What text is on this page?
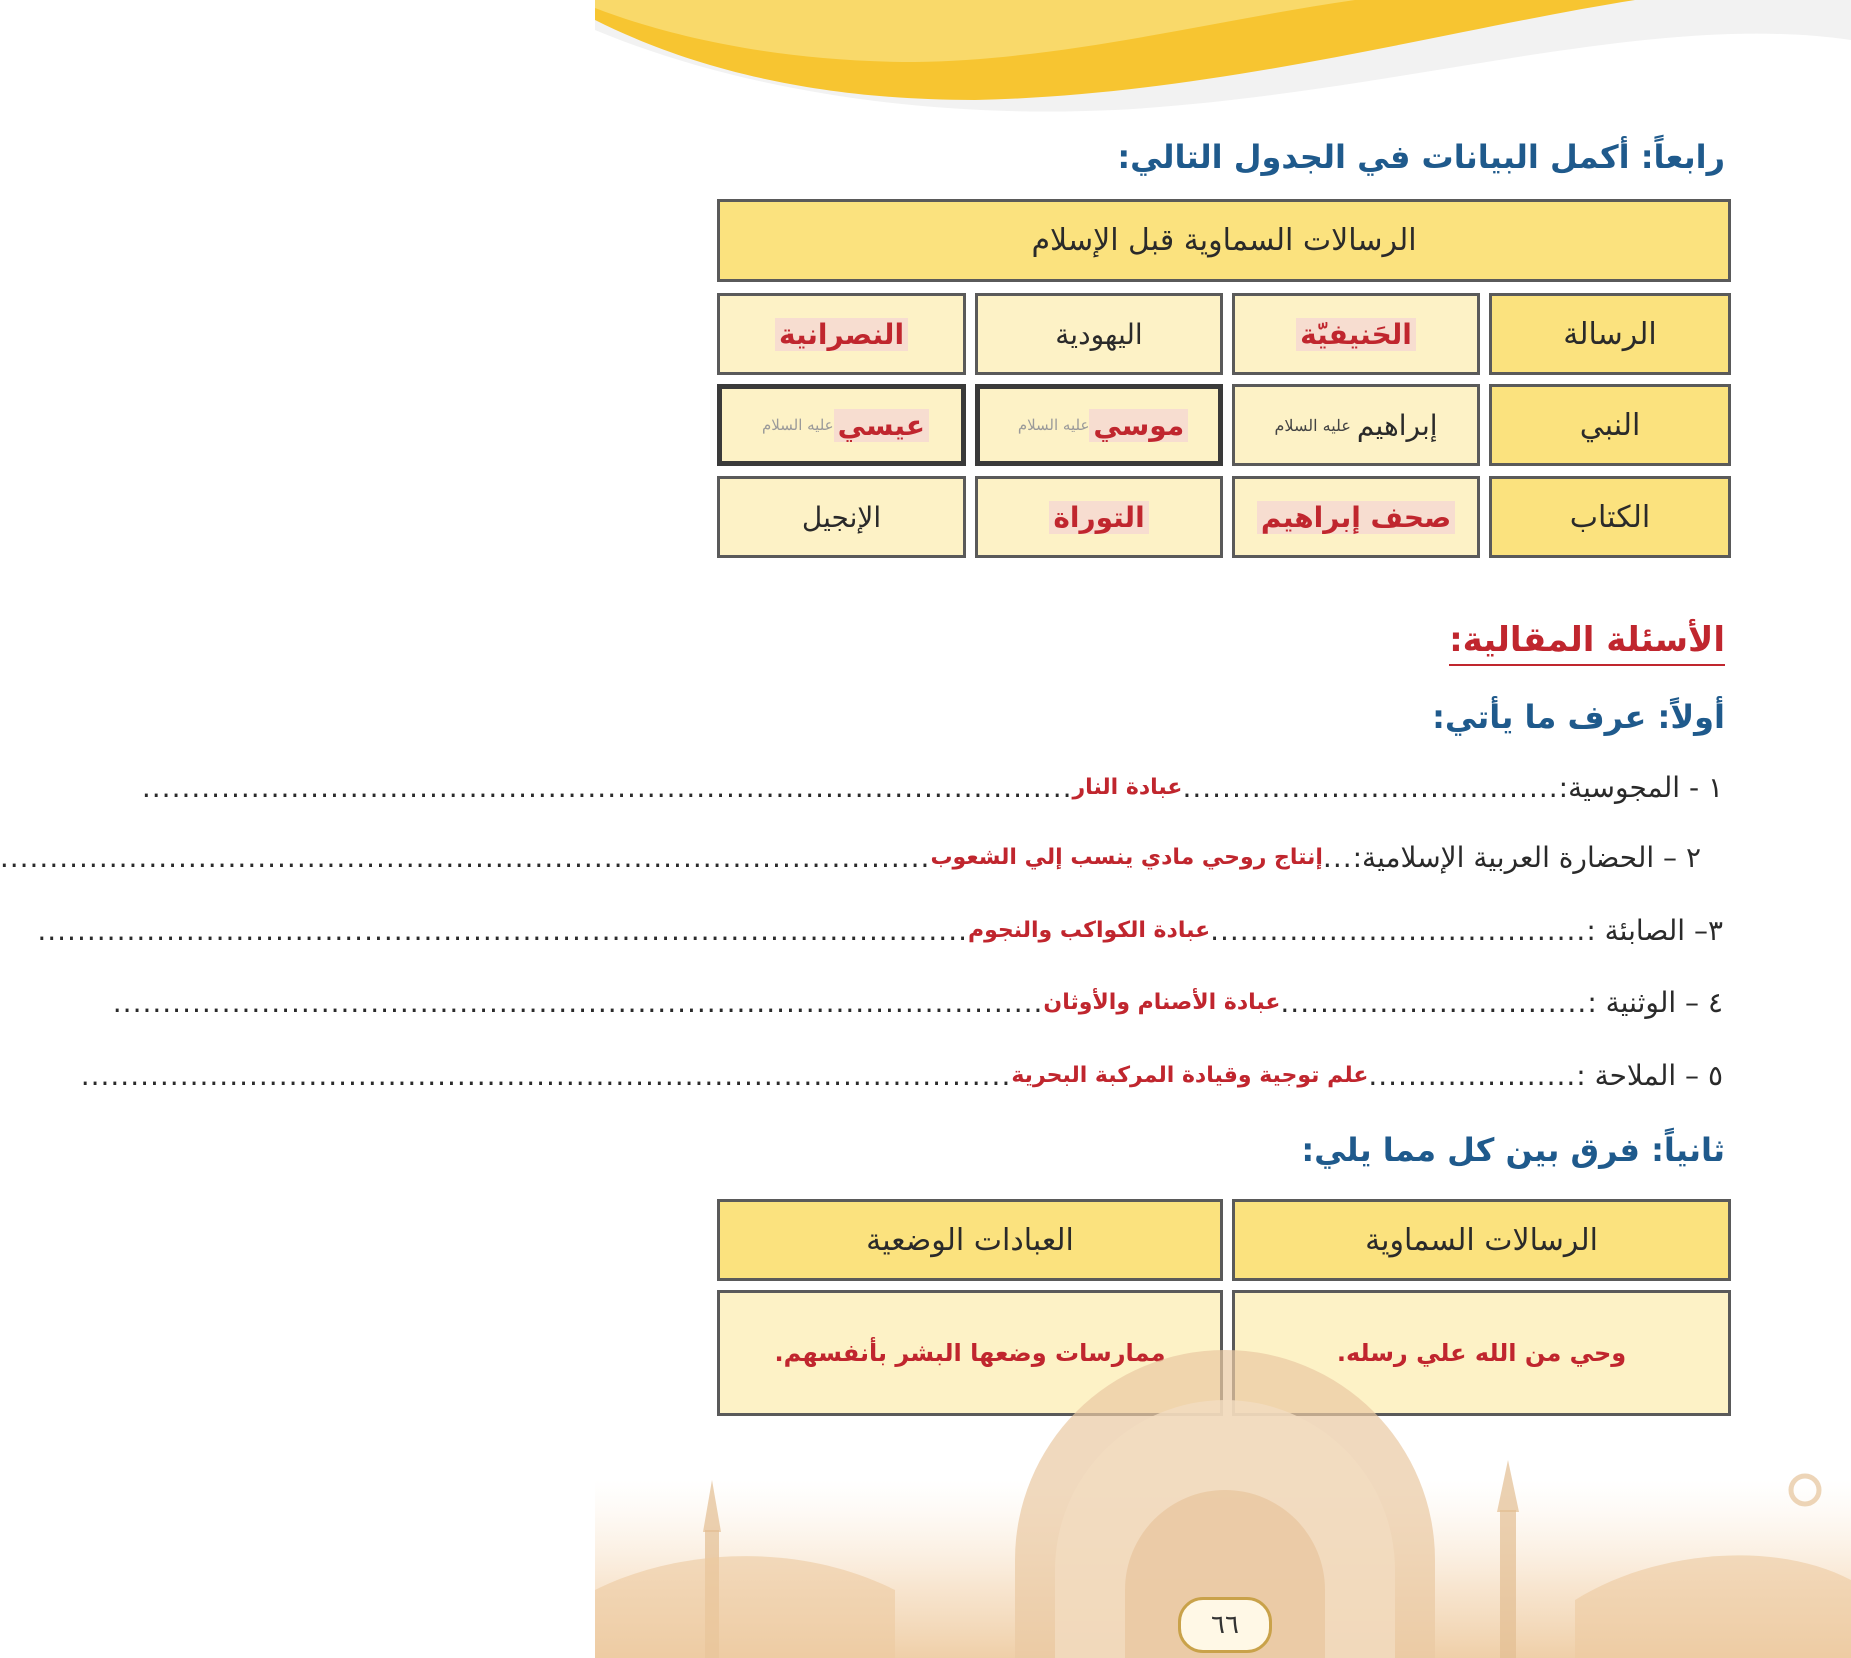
رابعاً: أكمل البيانات في الجدول التالي:
الرسالات السماوية قبل الإسلام
الرسالة
الحَنيفيّة
اليهودية
النصرانية
النبي
إبراهيم
عليه السلام
موسي
عليه السلام
عيسي
عليه السلام
الكتاب
صحف إبراهيم
التوراة
الإنجيل
الأسئلة المقالية:
أولاً: عرف ما يأتي:
١ - المجوسية:
......................................
عبادة النار
..............................................................................................
٢ – الحضارة العربية الإسلامية:
...
إنتاج روحي مادي ينسب إلي الشعوب
..............................................................................................
٣– الصابئة :
......................................
عبادة الكواكب والنجوم
..............................................................................................
٤ – الوثنية :
...............................
عبادة الأصنام والأوثان
..............................................................................................
٥ – الملاحة :
.....................
علم توجية وقيادة المركبة البحرية
..............................................................................................
ثانياً: فرق بين كل مما يلي:
الرسالات السماوية
العبادات الوضعية
وحي من الله علي رسله.
ممارسات وضعها البشر بأنفسهم.
٦٦
